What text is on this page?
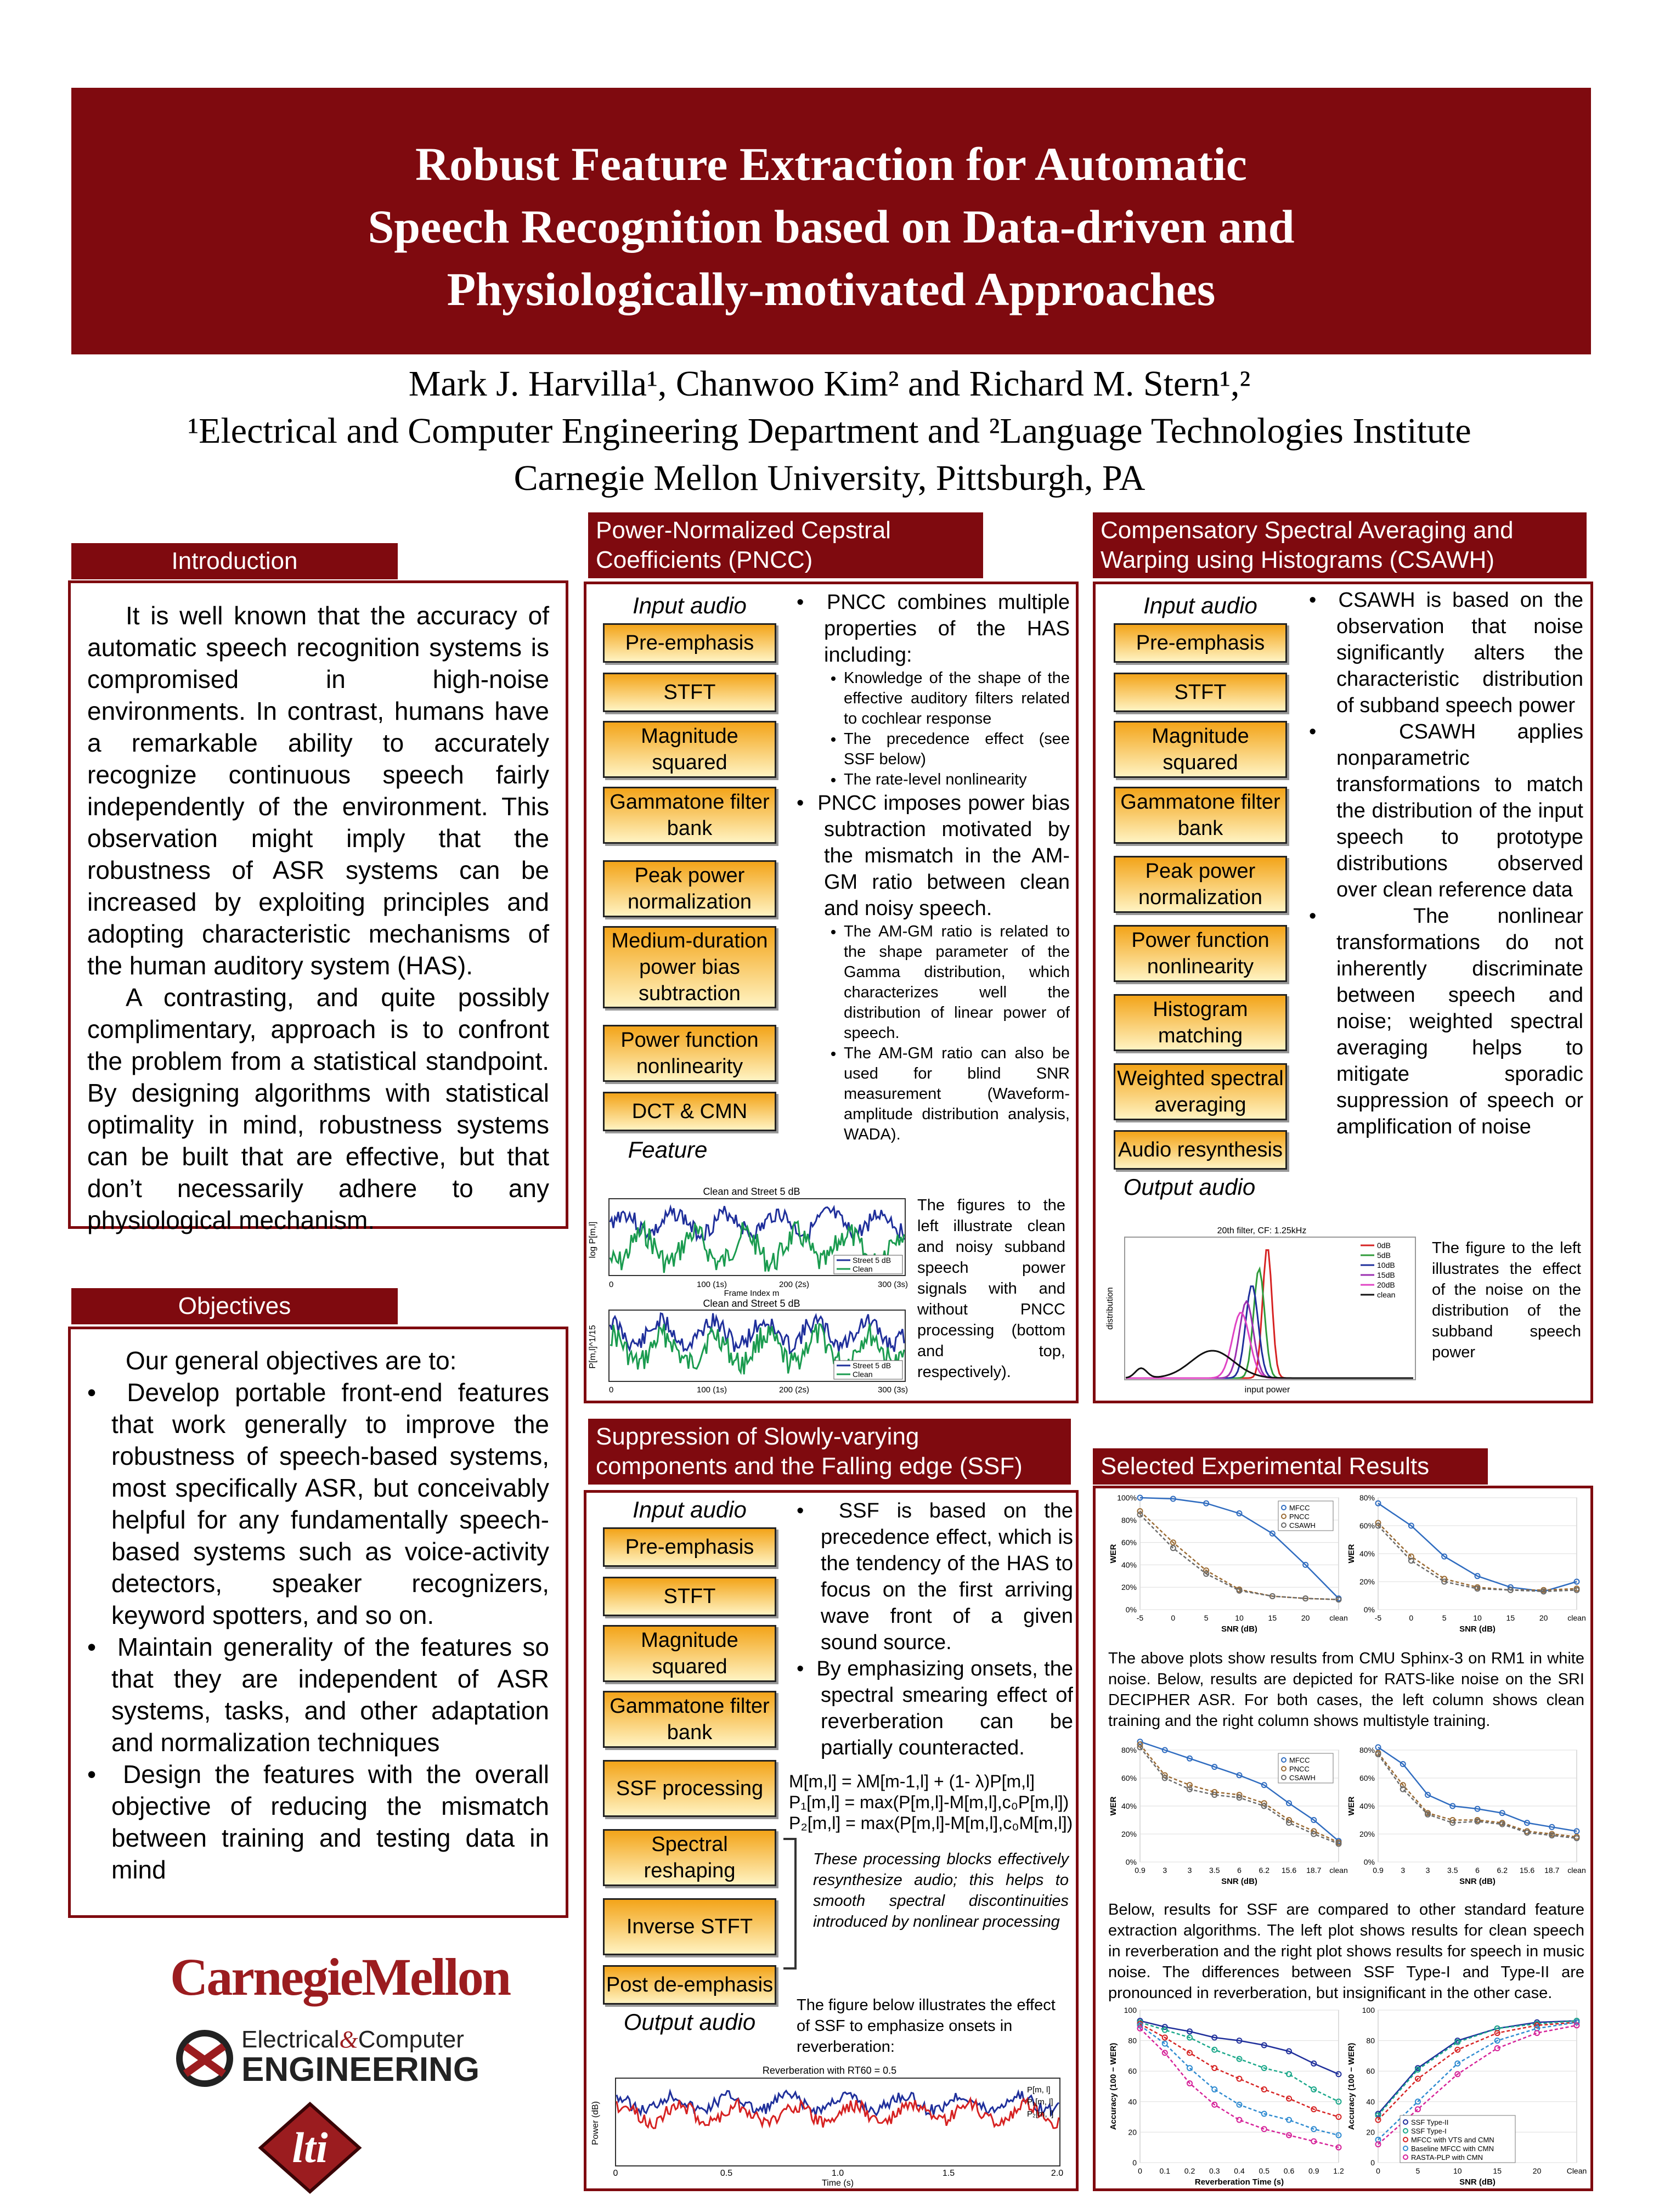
Robust Feature Extraction for Automatic
Speech Recognition based on Data-driven and
Physiologically-motivated Approaches
Mark J. Harvilla¹, Chanwoo Kim² and Richard M. Stern¹,²
¹Electrical and Computer Engineering Department and ²Language Technologies Institute
Carnegie Mellon University, Pittsburgh, PA
Introduction

It is well known that the accuracy of automatic speech recognition systems is compromised in high-noise environments. In contrast, humans have a remarkable ability to accurately recognize continuous speech fairly independently of the environment. This observation might imply that the robustness of ASR systems can be increased by exploiting principles and adopting characteristic mechanisms of the human auditory system (HAS).

A contrasting, and quite possibly complimentary, approach is to confront the problem from a statistical standpoint. By designing algorithms with statistical optimality in mind, robustness systems can be built that are effective, but that don’t necessarily adhere to any physiological mechanism.

Objectives

Our general objectives are to:

•  Develop portable front-end features that work generally to improve the robustness of speech-based systems, most specifically ASR, but conceivably helpful for any fundamentally speech-based systems such as voice-activity detectors, speaker recognizers, keyword spotters, and so on.
•  Maintain generality of the features so that they are independent of ASR systems, tasks, and other adaptation and normalization techniques
•  Design the features with the overall objective of reducing the mismatch between training and testing data in mind
CarnegieMellon
Electrical&Computer
ENGINEERING
lti
Power-Normalized Cepstral
Coefficients (PNCC)
Input audio
Pre-emphasis
STFT
Magnitude squared
Gammatone filter bank
Peak power normalization
Medium-duration power bias subtraction
Power function nonlinearity
DCT & CMN
Feature
•  PNCC combines multiple properties of the HAS including:
• Knowledge of the shape of the effective auditory filters related to cochlear response
• The precedence effect (see SSF below)
• The rate-level nonlinearity
•  PNCC imposes power bias subtraction motivated by the mismatch in the AM-GM ratio between clean and noisy speech.
• The AM-GM ratio is related to the shape parameter of the Gamma distribution, which characterizes well the distribution of linear power of speech.
• The AM-GM ratio can also be used for blind SNR measurement (Waveform-amplitude distribution analysis, WADA).
The figures to the left illustrate clean and noisy subband speech power signals with and without PNCC processing (bottom and top, respectively).
Clean and Street 5 dB
log P[m,l]
Street 5 dB
Clean
0	100 (1s)	200 (2s)	300 (3s)
Frame Index m
Clean and Street 5 dB
P[m,l]^1/15	Street 5 dB
Clean
0	100 (1s)	200 (2s)	300 (3s)
Compensatory Spectral Averaging and
Warping using Histograms (CSAWH)
Input audio
Pre-emphasis
STFT
Magnitude squared
Gammatone filter bank
Peak power normalization
Power function nonlinearity
Histogram matching
Weighted spectral averaging
Audio resynthesis
Output audio
•  CSAWH is based on the observation that noise significantly alters the characteristic distribution of subband speech power
•  CSAWH applies nonparametric transformations to match the distribution of the input speech to prototype distributions observed over clean reference data
•  The nonlinear transformations do not inherently discriminate between speech and noise; weighted spectral averaging helps to mitigate sporadic suppression of speech or amplification of noise
The figure to the left illustrates the effect of the noise on the distribution of the subband speech power
20th filter, CF: 1.25kHz
distribution
input power
0dB
5dB
10dB
15dB
20dB
clean
Suppression of Slowly-varying
components and the Falling edge (SSF)
Input audio
Pre-emphasis
STFT
Magnitude squared
Gammatone filter bank
SSF processing
Spectral reshaping
Inverse STFT
Post de-emphasis
Output audio
•  SSF is based on the precedence effect, which is the tendency of the HAS to focus on the first arriving wave front of a given sound source.
•  By emphasizing onsets, the spectral smearing effect of reverberation can be partially counteracted.
M[m,l] = λM[m-1,l] + (1- λ)P[m,l]
P₁[m,l] = max(P[m,l]-M[m,l],c₀P[m,l])
P₂[m,l] = max(P[m,l]-M[m,l],c₀M[m,l])
These processing blocks effectively resynthesize audio; this helps to smooth spectral discontinuities introduced by nonlinear processing
The figure below illustrates the effect of SSF to emphasize onsets in reverberation:
Reverberation with RT60 = 0.5
Power (dB)
P[m, l]
P₁[m, l]
P₂[m, l]
0	0.5	1.0	1.5	2.0
Time (s)
Selected Experimental Results
0%
20%
40%
60%
80%
100%
-5	0	5	10	15	20	clean
SNR (dB)
WER
MFCC
PNCC
CSAWH

0%
20%
40%
60%
80%
-5	0	5	10	15	20	clean
SNR (dB)
WER
The above plots show results from CMU Sphinx-3 on RM1 in white noise. Below, results are depicted for RATS-like noise on the SRI DECIPHER ASR. For both cases, the left column shows clean training and the right column shows multistyle training.
0%
20%
40%
60%
80%
0.9 3	3 3.5 6 6.2 15.6 18.7 clean
SNR (dB)
WER
MFCC
PNCC
CSAWH

0%
20%
40%
60%
80%
0.9 3	3 3.5 6 6.2 15.6 18.7 clean
SNR (dB)
WER
Below, results for SSF are compared to other standard feature extraction algorithms. The left plot shows results for clean speech in reverberation and the right plot shows results for speech in music noise. The differences between SSF Type-I and Type-II are pronounced in reverberation, but insignificant in the other case.
0
20
40
60
80
100
0 0.1 0.2 0.3 0.4 0.5 0.6 0.9 1.2
Reverberation Time (s)
Accuracy (100 − WER)

0
20
40
60
80
100
0	5	10	15	20	Clean
SNR (dB)
Accuracy (100 − WER)	SSF Type-II
SSF Type-I
MFCC with VTS and CMN
Baseline MFCC with CMN
RASTA-PLP with CMN
